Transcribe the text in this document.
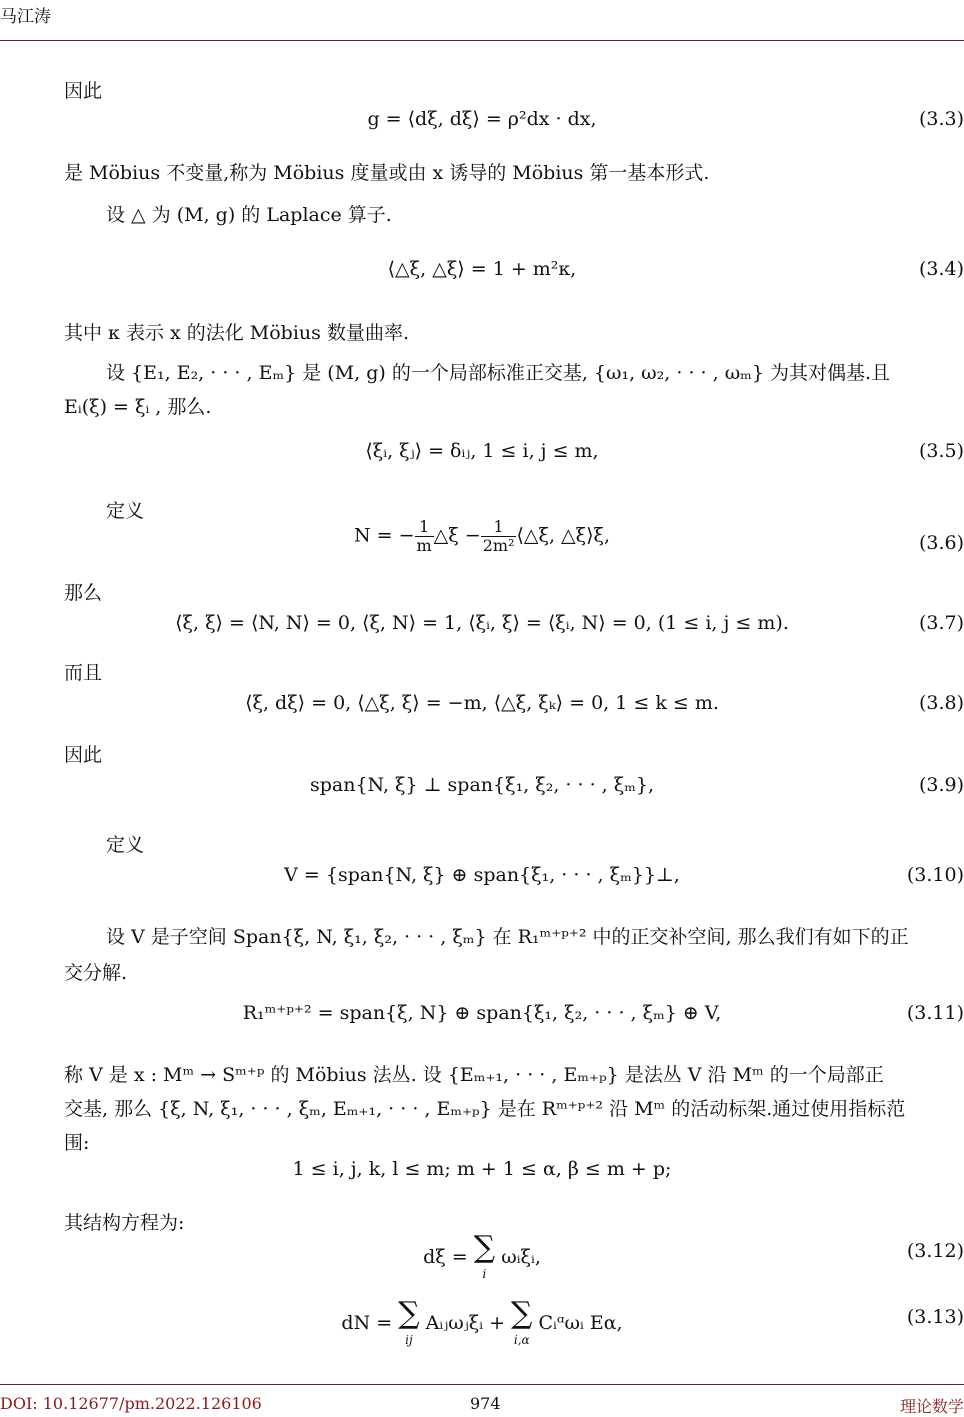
马江涛
因此
g = ⟨dξ, dξ⟩ = ρ²dx · dx,	(3.3)
是 Möbius 不变量,称为 Möbius 度量或由 x 诱导的 Möbius 第一基本形式.
设 △ 为 (M, g) 的 Laplace 算子.
⟨△ξ, △ξ⟩ = 1 + m²κ,	(3.4)
其中 κ 表示 x 的法化 Möbius 数量曲率.
设 {E₁, E₂, · · · , Eₘ} 是 (M, g) 的一个局部标准正交基, {ω₁, ω₂, · · · , ωₘ} 为其对偶基.且
Eᵢ(ξ) = ξᵢ , 那么.
⟨ξᵢ, ξⱼ⟩ = δᵢⱼ, 1 ≤ i, j ≤ m,	(3.5)
定义
N = − $\frac{1}{m}$ △ξ − $\frac{1}{\text{2m²}}$ ⟨△ξ, △ξ⟩ξ,	(3.6)
那么
⟨ξ, ξ⟩ = ⟨N, N⟩ = 0, ⟨ξ, N⟩ = 1, ⟨ξᵢ, ξ⟩ = ⟨ξᵢ, N⟩ = 0, (1 ≤ i, j ≤ m).	(3.7)
而且
⟨ξ, dξ⟩ = 0, ⟨△ξ, ξ⟩ = −m, ⟨△ξ, ξₖ⟩ = 0, 1 ≤ k ≤ m.	(3.8)
因此
span{N, ξ} ⊥ span{ξ₁, ξ₂, · · · , ξₘ},	(3.9)
定义
V = {span{N, ξ} ⊕ span{ξ₁, · · · , ξₘ}}⊥,	(3.10)
设 V 是子空间 Span{ξ, N, ξ₁, ξ₂, · · · , ξₘ} 在 R₁ᵐ⁺ᵖ⁺² 中的正交补空间, 那么我们有如下的正
交分解.
R₁ᵐ⁺ᵖ⁺² = span{ξ, N} ⊕ span{ξ₁, ξ₂, · · · , ξₘ} ⊕ V,	(3.11)
称 V 是 x : Mᵐ → Sᵐ⁺ᵖ 的 Möbius 法丛. 设 {Eₘ₊₁, · · · , Eₘ₊ₚ} 是法丛 V 沿 Mᵐ 的一个局部正
交基, 那么 {ξ, N, ξ₁, · · · , ξₘ, Eₘ₊₁, · · · , Eₘ₊ₚ} 是在 Rᵐ⁺ᵖ⁺² 沿 Mᵐ 的活动标架.通过使用指标范
围:
1 ≤ i, j, k, l ≤ m; m + 1 ≤ α, β ≤ m + p;
其结构方程为:
dξ = ∑
i
ωᵢξᵢ,	(3.12)
dN = ∑
ij
Aᵢⱼωⱼξᵢ + ∑
i,α
Cᵢᵅωᵢ Eα,	(3.13)
DOI: 10.12677/pm.2022.126106	974	理论数学
